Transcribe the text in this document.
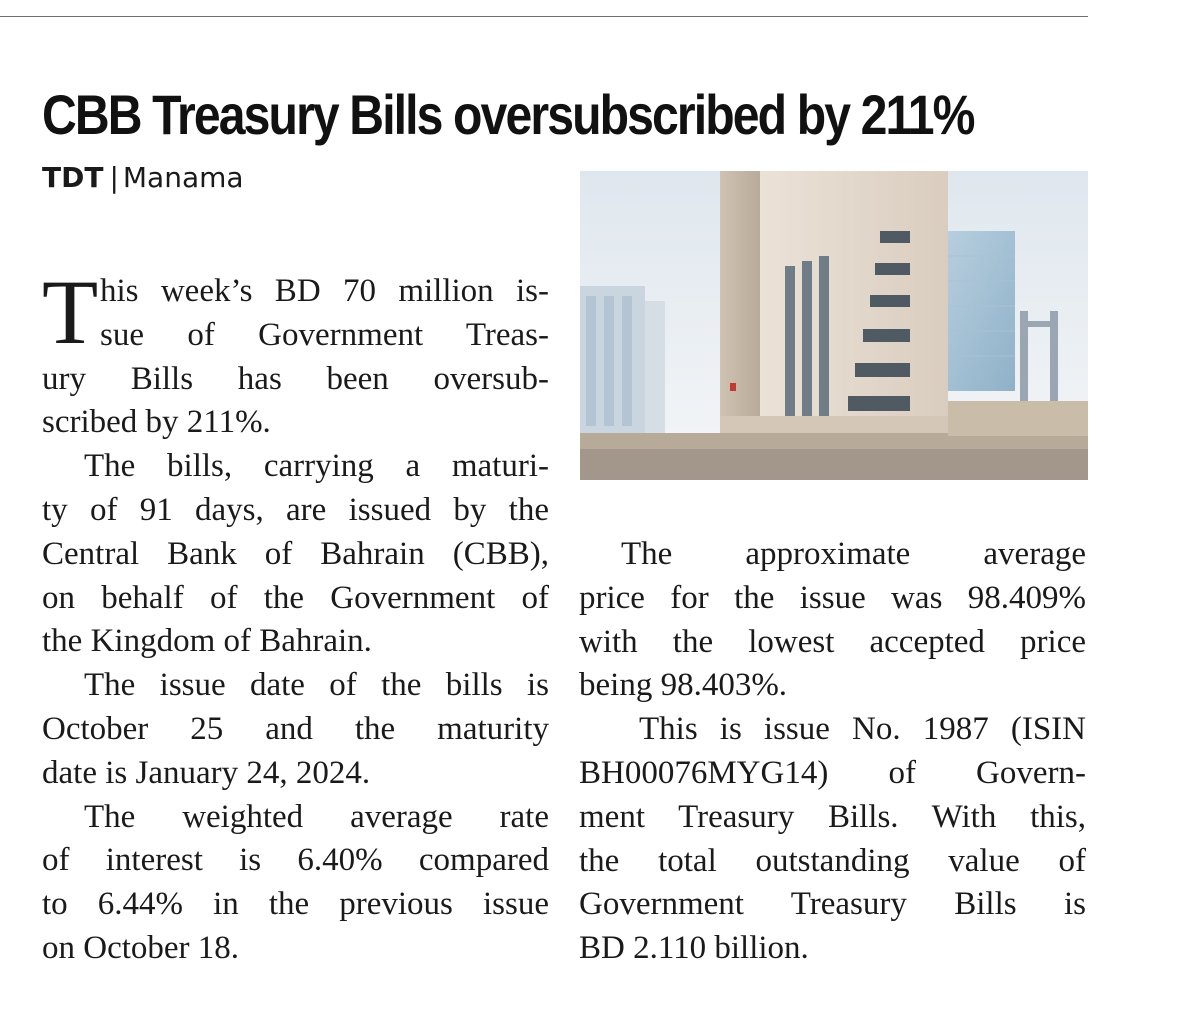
CBB Treasury Bills oversubscribed by 211%
TDT | Manama
T his week’s BD 70 million is-
sue of Government Treas-
ury Bills has been oversub-
scribed by 211%.
The bills, carrying a maturi-
ty of 91 days, are issued by the
Central Bank of Bahrain (CBB),
on behalf of the Government of
the Kingdom of Bahrain.
The issue date of the bills is
October 25 and the maturity
date is January 24, 2024.
The weighted average rate
of interest is 6.40% compared
to 6.44% in the previous issue
on October 18.
The approximate average
price for the issue was 98.409%
with the lowest accepted price
being 98.403%.
This is issue No. 1987 (ISIN
BH00076MYG14) of Govern-
ment Treasury Bills. With this,
the total outstanding value of
Government Treasury Bills is
BD 2.110 billion.
